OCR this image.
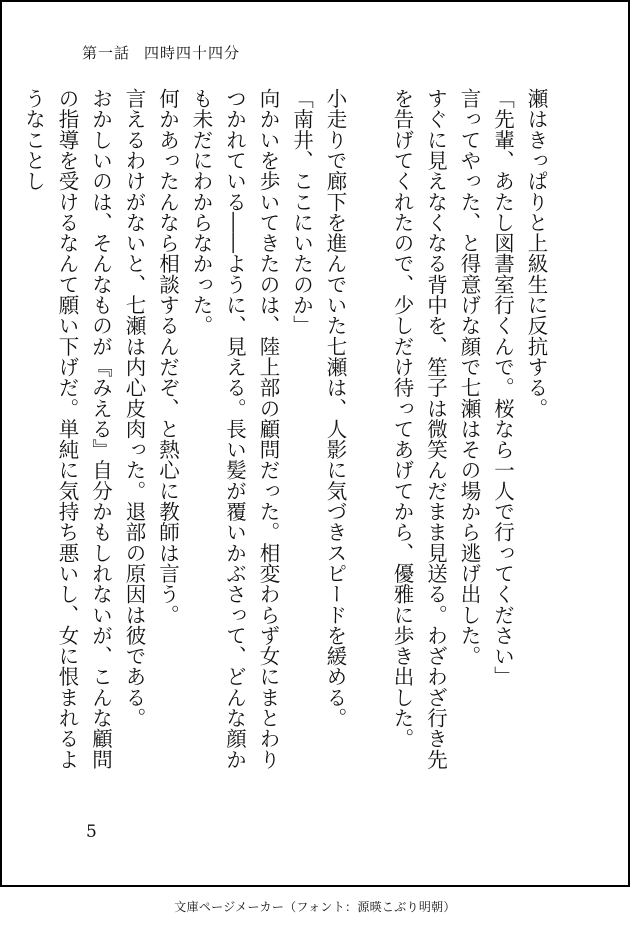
第一話 四時四十四分

瀬はきっぱりと上級生に反抗する。

「先輩、あたし図書室行くんで。桜なら一人で行ってください」

言ってやった、と得意げな顔で七瀬はその場から逃げ出した。

すぐに見えなくなる背中を、笙子は微笑んだまま見送る。わざわざ行き先を告げてくれたので、少しだけ待ってあげてから、優雅に歩き出した。

小走りで廊下を進んでいた七瀬は、人影に気づきスピードを緩める。

「南井、ここにいたのか」

向かいを歩いてきたのは、陸上部の顧問だった。相変わらず女にまとわりつかれている――ように、見える。長い髪が覆いかぶさって、どんな顔かも未だにわからなかった。

何かあったんなら相談するんだぞ、と熱心に教師は言う。

言えるわけがないと、七瀬は内心皮肉った。退部の原因は彼である。

おかしいのは、そんなものが『みえる』自分かもしれないが、こんな顧問の指導を受けるなんて願い下げだ。単純に気持ち悪いし、女に恨まれるようなことし

5
文庫ページメーカー（フォント：源暎こぶり明朝）
